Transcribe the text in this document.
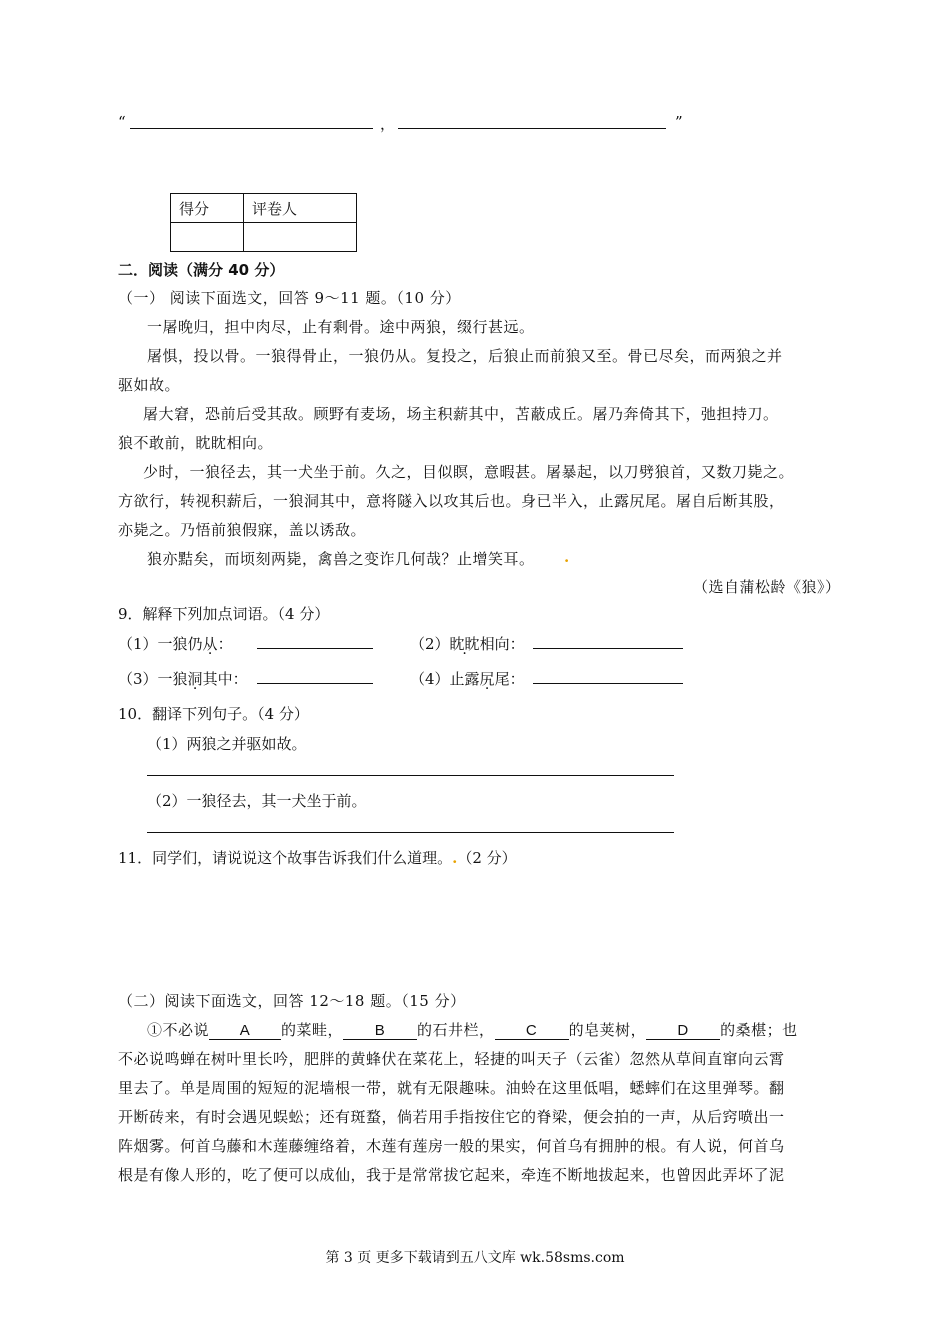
“	，	”
得分	评卷人

二．阅读（满分 40 分）
（一） 阅读下面选文，回答 9～11 题。（10 分）
一屠晚归，担中肉尽，止有剩骨。途中两狼，缀行甚远。
屠惧，投以骨。一狼得骨止，一狼仍从。复投之，后狼止而前狼又至。骨已尽矣，而两狼之并
驱如故。
屠大窘，恐前后受其敌。顾野有麦场，场主积薪其中，苫蔽成丘。屠乃奔倚其下，弛担持刀。
狼不敢前，眈眈相向。
少时，一狼径去，其一犬坐于前。久之，目似瞑，意暇甚。屠暴起，以刀劈狼首，又数刀毙之。
方欲行，转视积薪后，一狼洞其中，意将隧入以攻其后也。身已半入，止露尻尾。屠自后断其股，
亦毙之。乃悟前狼假寐，盖以诱敌。
狼亦黠矣，而顷刻两毙，禽兽之变诈几何哉？止增笑耳。 .
（选自蒲松龄《狼》）
9．解释下列加点词语。（4 分）
（1）一狼仍从：	（2）眈眈相向：
（3）一狼洞其中：	（4）止露尻尾：
10．翻译下列句子。（4 分）
（1）两狼之并驱如故。
（2）一狼径去，其一犬坐于前。
11．同学们，请说说这个故事告诉我们什么道理。.（2 分）
（二）阅读下面选文，回答 12～18 题。（15 分）
①不必说 A 的菜畦， B 的石井栏， C 的皂荚树， D 的桑椹；也
不必说鸣蝉在树叶里长吟，肥胖的黄蜂伏在菜花上，轻捷的叫天子（云雀）忽然从草间直窜向云霄
里去了。单是周围的短短的泥墙根一带，就有无限趣味。油蛉在这里低唱，蟋蟀们在这里弹琴。翻
开断砖来，有时会遇见蜈蚣；还有斑蝥，倘若用手指按住它的脊梁，便会拍的一声，从后窍喷出一
阵烟雾。何首乌藤和木莲藤缠络着，木莲有莲房一般的果实，何首乌有拥肿的根。有人说，何首乌
根是有像人形的，吃了便可以成仙，我于是常常拔它起来，牵连不断地拔起来，也曾因此弄坏了泥
第 3 页 更多下载请到五八文库 wk.58sms.com
